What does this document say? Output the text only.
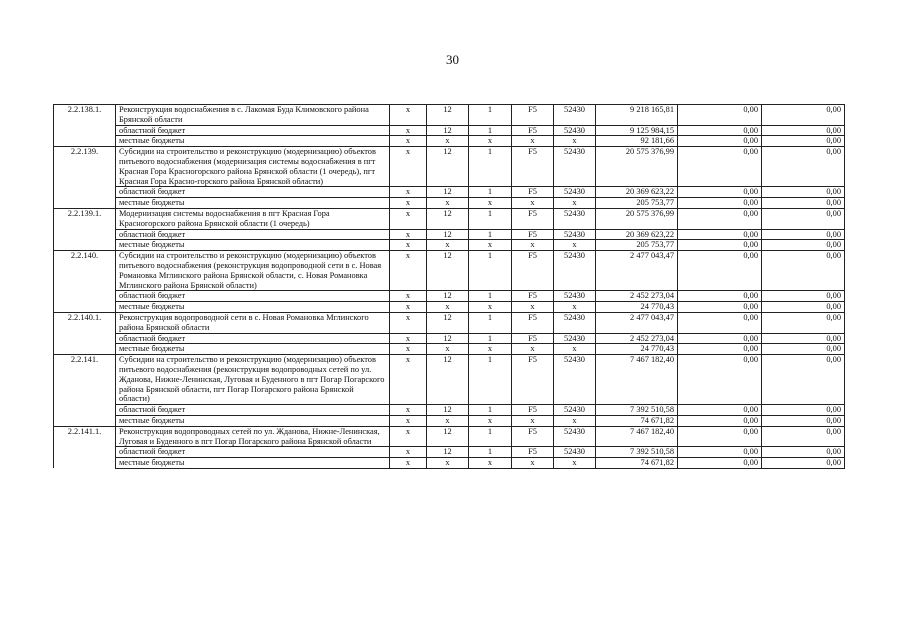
30
2.2.138.1.	Реконструкция водоснабжения в с. Лакомая Буда Климовского района Брянской области	х	12	1	F5	52430	9 218 165,81	0,00	0,00
	областной бюджет	х	12	1	F5	52430	9 125 984,15	0,00	0,00
	местные бюджеты	х	х	х	х	х	92 181,66	0,00	0,00
2.2.139.	Субсидии на строительство и реконструкцию (модернизацию) объектов питьевого водоснабжения (модернизация системы водоснабжения в пгт Красная Гора Красногорского района Брянской области (1 очередь), пгт Красная Гора Красно-горского района Брянской области)	х	12	1	F5	52430	20 575 376,99	0,00	0,00
	областной бюджет	х	12	1	F5	52430	20 369 623,22	0,00	0,00
	местные бюджеты	х	х	х	х	х	205 753,77	0,00	0,00
2.2.139.1.	Модернизация системы водоснабжения в пгт Красная Гора Красногорского района Брянской области (1 очередь)	х	12	1	F5	52430	20 575 376,99	0,00	0,00
	областной бюджет	х	12	1	F5	52430	20 369 623,22	0,00	0,00
	местные бюджеты	х	х	х	х	х	205 753,77	0,00	0,00
2.2.140.	Субсидии на строительство и реконструкцию (модернизацию) объектов питьевого водоснабжения (реконструкция водопроводной сети в с. Новая Романовка Мглинского района Брянской области, с. Новая Романовка Мглинского района Брянской области)	х	12	1	F5	52430	2 477 043,47	0,00	0,00
	областной бюджет	х	12	1	F5	52430	2 452 273,04	0,00	0,00
	местные бюджеты	х	х	х	х	х	24 770,43	0,00	0,00
2.2.140.1.	Реконструкция водопроводной сети в с. Новая Романовка Мглинского района Брянской области	х	12	1	F5	52430	2 477 043,47	0,00	0,00
	областной бюджет	х	12	1	F5	52430	2 452 273,04	0,00	0,00
	местные бюджеты	х	х	х	х	х	24 770,43	0,00	0,00
2.2.141.	Субсидии на строительство и реконструкцию (модернизацию) объектов питьевого водоснабжения (реконструкция водопроводных сетей по ул. Жданова, Нижне-Ленинская, Луговая и Буденного в пгт Погар Погарского района Брянской области, пгт Погар Погарского района Брянской области)	х	12	1	F5	52430	7 467 182,40	0,00	0,00
	областной бюджет	х	12	1	F5	52430	7 392 510,58	0,00	0,00
	местные бюджеты	х	х	х	х	х	74 671,82	0,00	0,00
2.2.141.1.	Реконструкция водопроводных сетей по ул. Жданова, Нижне-Ленинская, Луговая и Буденного в пгт Погар Погарского района Брянской области	х	12	1	F5	52430	7 467 182,40	0,00	0,00
	областной бюджет	х	12	1	F5	52430	7 392 510,58	0,00	0,00
	местные бюджеты	х	х	х	х	х	74 671,82	0,00	0,00
